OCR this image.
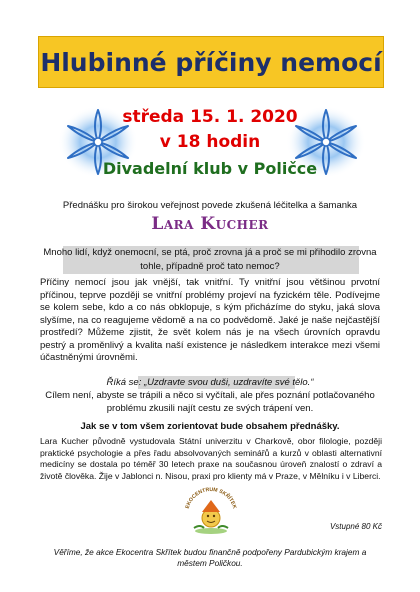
Hlubinné příčiny nemocí
středa 15. 1. 2020
v 18 hodin
Divadelní klub v Poličce
Přednášku pro širokou veřejnost povede zkušená léčitelka a šamanka
Lara Kucher
Mnoho lidí, když onemocní, se ptá, proč zrovna já a proč se mi přihodilo zrovna tohle, případně proč tato nemoc?
Příčiny nemocí jsou jak vnější, tak vnitřní. Ty vnitřní jsou většinou prvotní příčinou, teprve později se vnitřní problémy projeví na fyzickém těle. Podívejme se kolem sebe, kdo a co nás obklopuje, s kým přicházíme do styku, jaká slova slyšíme, na co reagujeme vědomě a na co podvědomě. Jaké je naše nejčastější prostředí? Můžeme zjistit, že svět kolem nás je na všech úrovních opravdu pestrý a proměnlivý a kvalita naší existence je následkem interakce mezi všemi účastněnými úrovněmi.
Říká se: „Uzdravte svou duši, uzdravíte své tělo.“
Cílem není, abyste se trápili a něco si vyčítali, ale přes poznání potlačovaného problému zkusili najít cestu ze svých trápení ven.
Jak se v tom všem zorientovat bude obsahem přednášky.
Lara Kucher původně vystudovala Státní univerzitu v Charkově, obor filologie, později praktické psychologie a přes řadu absolvovaných seminářů a kurzů v oblasti alternativní medicíny se dostala po téměř 30 letech praxe na současnou úroveň znalostí o zdraví a životě člověka. Žije v Jablonci n. Nisou, praxi pro klienty má v Praze, v Mělníku i v Liberci.
EKOCENTRUM SKŘÍTEK
Vstupné 80 Kč
Věříme, že akce Ekocentra Skřítek budou finančně podpořeny Pardubickým krajem a městem Poličkou.
